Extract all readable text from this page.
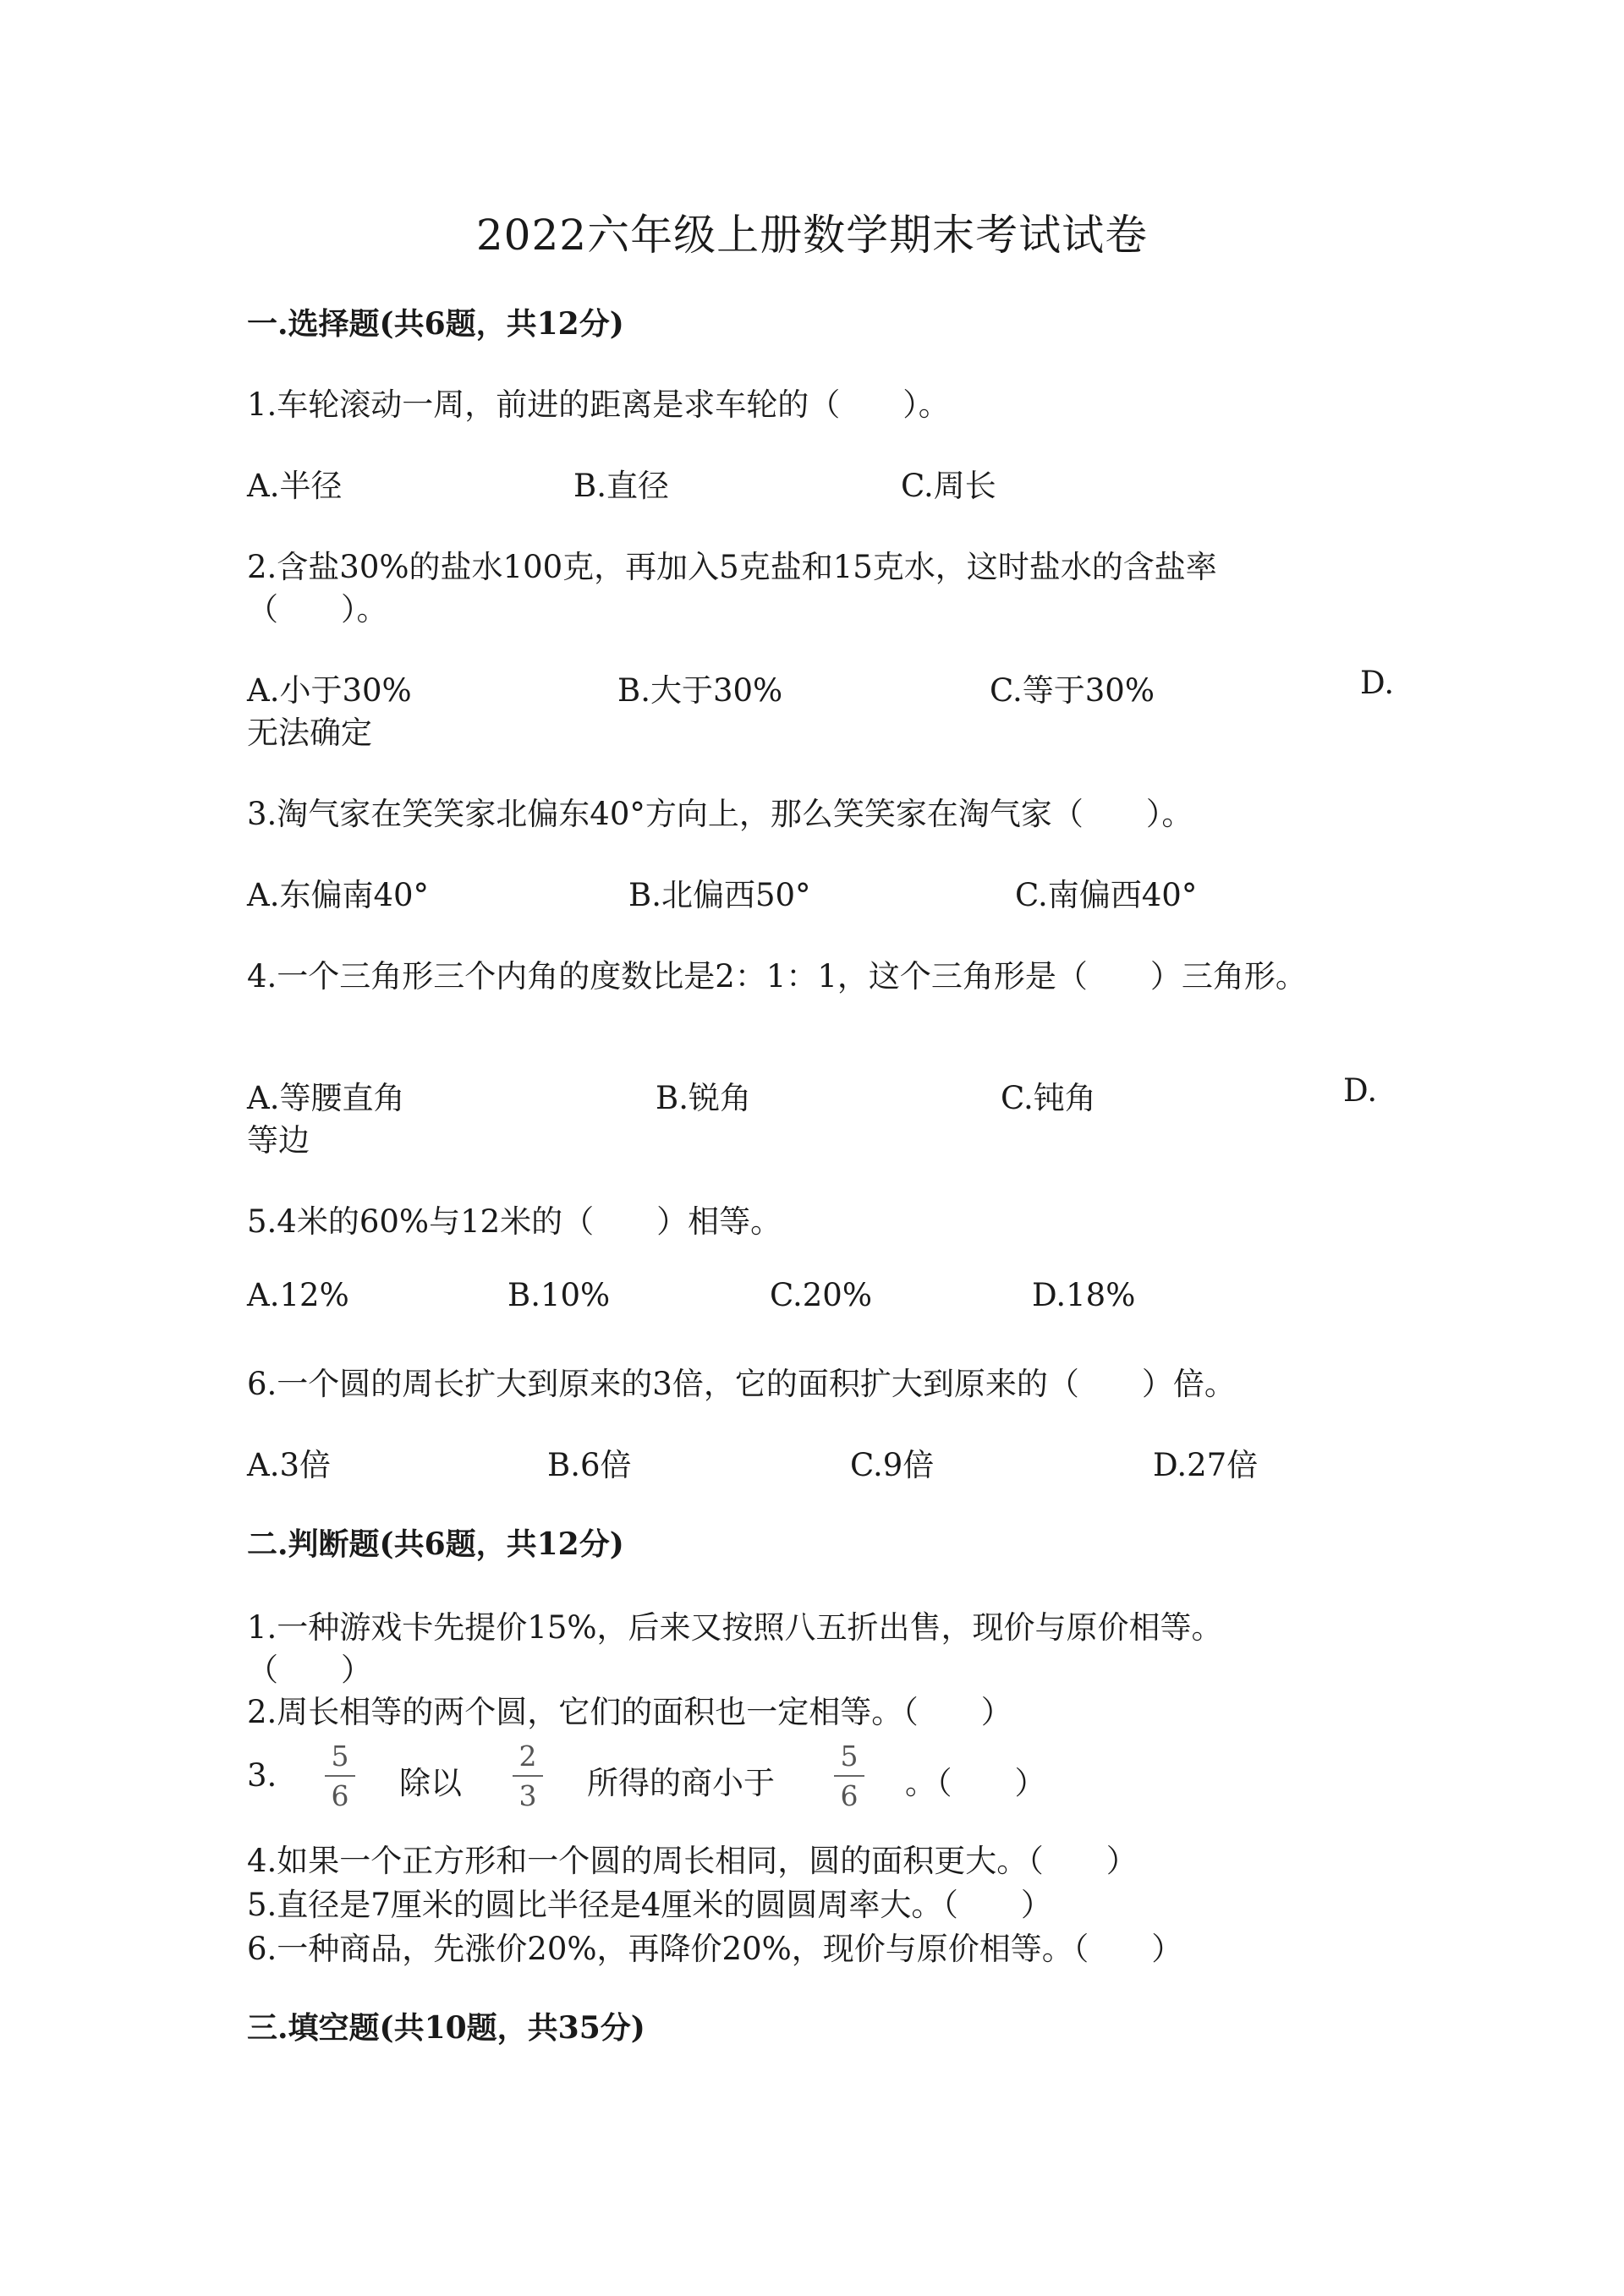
2022六年级上册数学期末考试试卷
一.选择题(共6题，共12分)
1.车轮滚动一周，前进的距离是求车轮的（　　）。
A.半径	B.直径	C.周长
2.含盐30%的盐水100克，再加入5克盐和15克水，这时盐水的含盐率
（　　）。
A.小于30%	B.大于30%	C.等于30%	D.
无法确定
3.淘气家在笑笑家北偏东40°方向上，那么笑笑家在淘气家（　　）。
A.东偏南40°	B.北偏西50°	C.南偏西40°
4.一个三角形三个内角的度数比是2：1：1，这个三角形是（　　）三角形。
A.等腰直角	B.锐角	C.钝角	D.
等边
5.4米的60%与12米的（　　）相等。
A.12%	B.10%	C.20%	D.18%
6.一个圆的周长扩大到原来的3倍，它的面积扩大到原来的（　　）倍。
A.3倍	B.6倍	C.9倍	D.27倍
二.判断题(共6题，共12分)
1.一种游戏卡先提价15%，后来又按照八五折出售，现价与原价相等。
（　　）
2.周长相等的两个圆，它们的面积也一定相等。（　　）
3.
5
6 除以
2
3 所得的商小于
5
6 。（　　）
4.如果一个正方形和一个圆的周长相同，圆的面积更大。（　　）
5.直径是7厘米的圆比半径是4厘米的圆圆周率大。（　　）
6.一种商品，先涨价20%，再降价20%，现价与原价相等。（　　）
三.填空题(共10题，共35分)
